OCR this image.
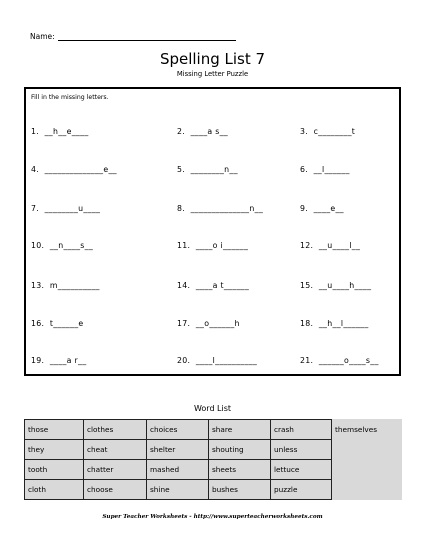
Name:
Spelling List 7
Missing Letter Puzzle
Fill in the missing letters.
1.  __h__e____	2.  ____a s__	3.  c________t
4.  ______________e__	5.  ________n__	6.  __l______
7.  ________u____	8.  ______________n__	9.  ____e__
10.  __n____s__	11.  ____o i______	12.  __u____l__
13.  m__________	14.  ____a t______	15.  __u____h____
16.  t______e	17.  __o______h	18.  __h__l______
19.  ____a r__	20.  ____l__________	21.  ______o____s__
Word List
those	clothes	choices	share	crash	themselves
they	cheat	shelter	shouting	unless	
tooth	chatter	mashed	sheets	lettuce	
cloth	choose	shine	bushes	puzzle	
Super Teacher Worksheets - http://www.superteacherworksheets.com
